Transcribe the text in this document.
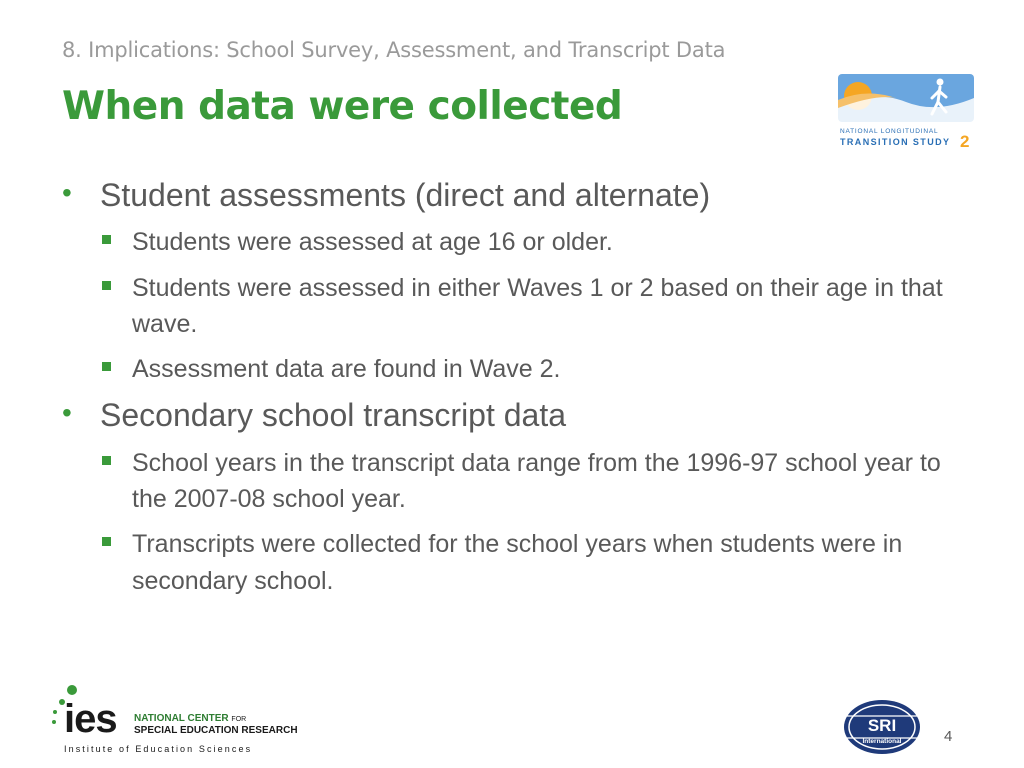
8. Implications: School Survey, Assessment, and Transcript Data
When data were collected
NATIONAL LONGITUDINAL
TRANSITION STUDY 2
• Student assessments (direct and alternate)
Students were assessed at age 16 or older.
Students were assessed in either Waves 1 or 2 based on their age in that wave.
Assessment data are found in Wave 2.
• Secondary school transcript data
School years in the transcript data range from the 1996-97 school year to the 2007-08 school year.
Transcripts were collected for the school years when students were in secondary school.
ies NATIONAL CENTER FOR
SPECIAL EDUCATION RESEARCH
Institute of Education Sciences
SRI
International	4
